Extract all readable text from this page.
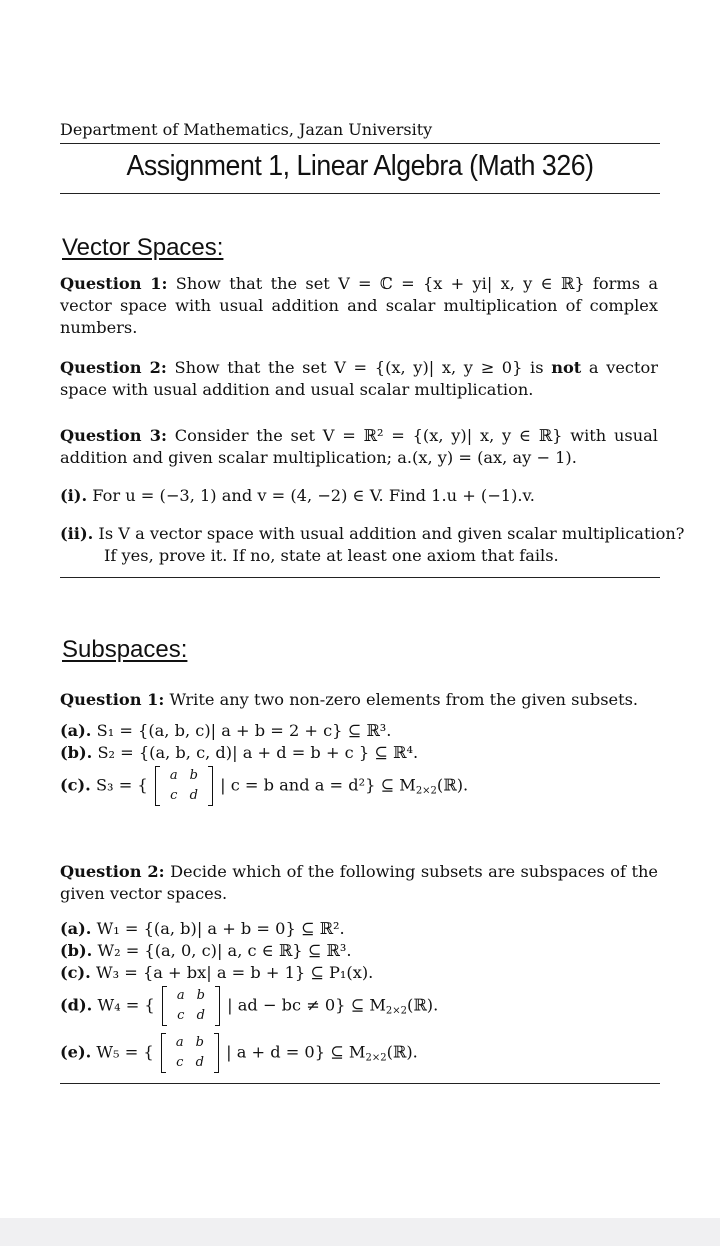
Department of Mathematics, Jazan University
Assignment 1, Linear Algebra (Math 326)
Vector Spaces:
Question 1: Show that the set V = ℂ = {x + yi| x, y ∈ ℝ} forms a vector space with usual addition and scalar multiplication of complex numbers.
Question 2: Show that the set V = {(x, y)| x, y ≥ 0} is not a vector space with usual addition and usual scalar multiplication.
Question 3: Consider the set V = ℝ² = {(x, y)| x, y ∈ ℝ} with usual addition and given scalar multiplication; a.(x, y) = (ax, ay − 1).
(i). For u = (−3, 1) and v = (4, −2) ∈ V. Find 1.u + (−1).v.
(ii). Is V a vector space with usual addition and given scalar multiplication?
If yes, prove it. If no, state at least one axiom that fails.
Subspaces:
Question 1: Write any two non-zero elements from the given subsets.
(a). S₁ = {(a, b, c)| a + b = 2 + c} ⊆ ℝ³.
(b). S₂ = {(a, b, c, d)| a + d = b + c } ⊆ ℝ⁴.
(c). S₃ = { a	b
c	d
| c = b and a = d²} ⊆ M2×2(ℝ).
Question 2: Decide which of the following subsets are subspaces of the given vector spaces.
(a). W₁ = {(a, b)| a + b = 0} ⊆ ℝ².
(b). W₂ = {(a, 0, c)| a, c ∈ ℝ} ⊆ ℝ³.
(c). W₃ = {a + bx| a = b + 1} ⊆ P₁(x).
(d). W₄ = { a	b
c	d
| ad − bc ≠ 0} ⊆ M2×2(ℝ).
(e). W₅ = { a	b
c	d
| a + d = 0} ⊆ M2×2(ℝ).
